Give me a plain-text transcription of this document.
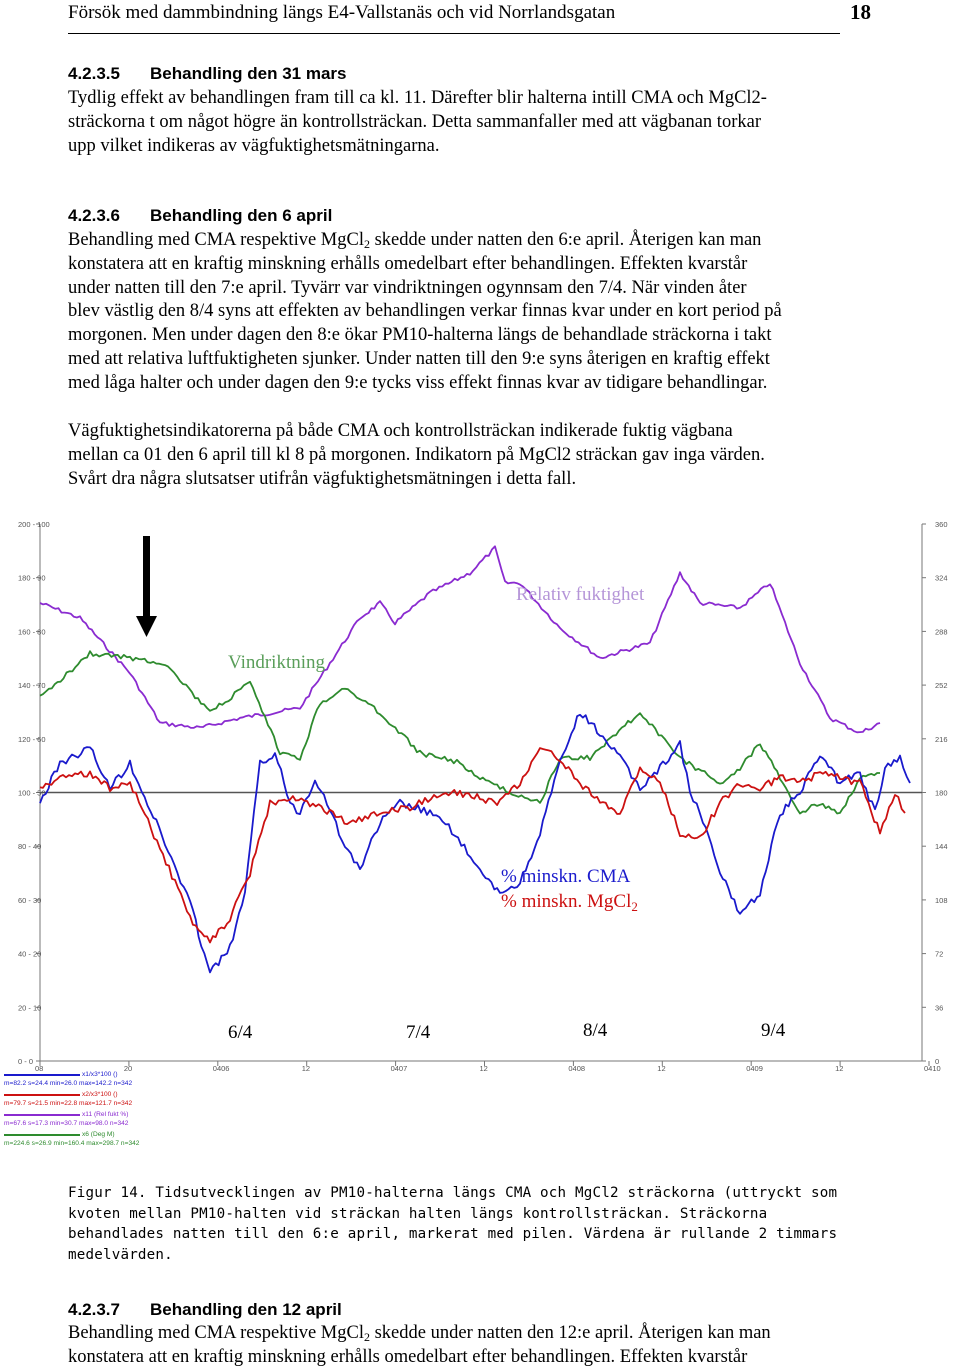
Försök med dammbindning längs E4-Vallstanäs och vid Norrlandsgatan	18
4.2.3.5 Behandling den 31 mars
Tydlig effekt av behandlingen fram till ca kl. 11. Därefter blir halterna intill CMA och MgCl2-
sträckorna t om något högre än kontrollsträckan. Detta sammanfaller med att vägbanan torkar
upp vilket indikeras av vägfuktighetsmätningarna.
4.2.3.6 Behandling den 6 april
Behandling med CMA respektive MgCl$_2$ skedde under natten den 6:e april. Återigen kan man
konstatera att en kraftig minskning erhålls omedelbart efter behandlingen. Effekten kvarstår
under natten till den 7:e april. Tyvärr var vindriktningen ogynnsam den 7/4. När vinden åter
blev västlig den 8/4 syns att effekten av behandlingen verkar finnas kvar under en kort period på
morgonen. Men under dagen den 8:e ökar PM10-halterna längs de behandlade sträckorna i takt
med att relativa luftfuktigheten sjunker. Under natten till den 9:e syns återigen en kraftig effekt
med låga halter och under dagen den 9:e tycks viss effekt finnas kvar av tidigare behandlingar.
Vägfuktighetsindikatorerna på både CMA och kontrollsträckan indikerade fuktig vägbana
mellan ca 01 den 6 april till kl 8 på morgonen. Indikatorn på MgCl2 sträckan gav inga värden.
Svårt dra några slutsatser utifrån vägfuktighetsmätningen i detta fall.
200 - 100	360
180 - 90	324
160 - 80	288
140 - 70	252
120 - 60	216
100 - 50	180
80 - 40	144
60 - 30	108
40 - 20	72
20 - 10	36
0 - 0	0
08	20	0406	12	0407	12	0408	12	0409	12	0410
Relativ fuktighet
Vindriktning
% minskn. CMA
% minskn. MgCl$_2$
6/4	7/4	8/4	9/4
x1/x3*100 ()
m=82.2 s=24.4 min=26.0 max=142.2 n=342
x2/x3*100 ()
m=79.7 s=21.5 min=22.8 max=121.7 n=342
x11 (Rel fukt %)
m=67.6 s=17.3 min=30.7 max=98.0 n=342
x6 (Deg M)
m=224.6 s=26.9 min=160.4 max=298.7 n=342
Figur 14. Tidsutvecklingen av PM10-halterna längs CMA och MgCl2 sträckorna (uttryckt som
kvoten mellan PM10-halten vid sträckan halten längs kontrollsträckan. Sträckorna
behandlades natten till den 6:e april, markerat med pilen. Värdena är rullande 2 timmars
medelvärden.
4.2.3.7 Behandling den 12 april
Behandling med CMA respektive MgCl$_2$ skedde under natten den 12:e april. Återigen kan man
konstatera att en kraftig minskning erhålls omedelbart efter behandlingen. Effekten kvarstår
